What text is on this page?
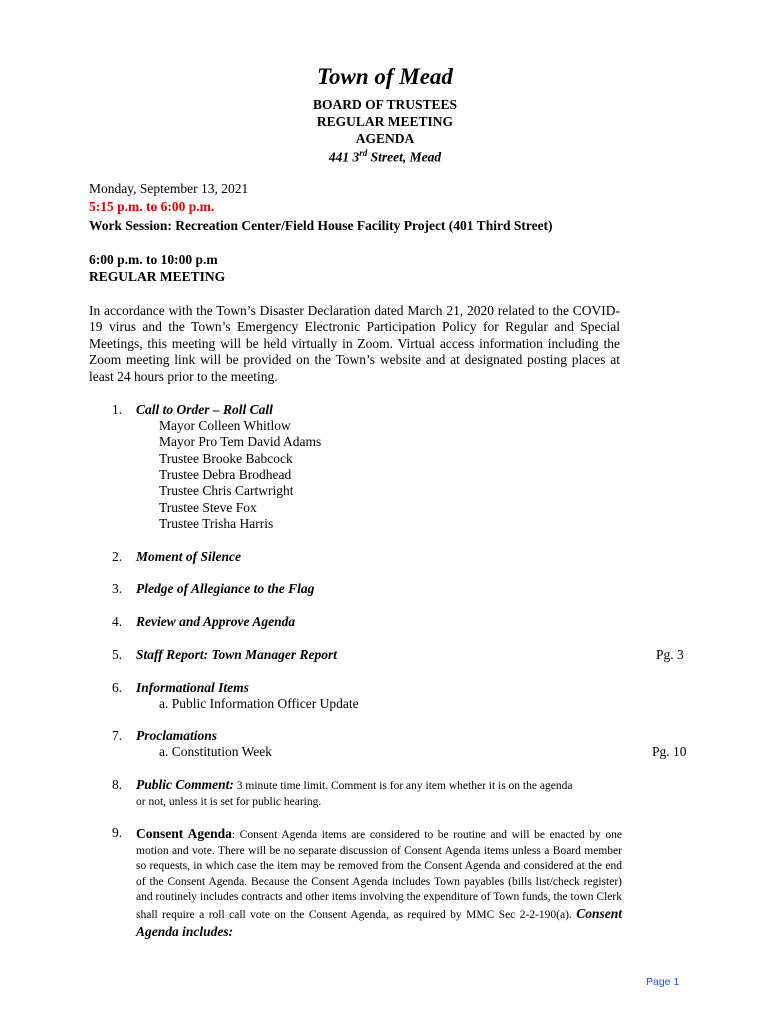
Town of Mead
BOARD OF TRUSTEES
REGULAR MEETING
AGENDA
441 3rd Street, Mead
Monday, September 13, 2021
5:15 p.m. to 6:00 p.m.
Work Session: Recreation Center/Field House Facility Project (401 Third Street)
6:00 p.m. to 10:00 p.m
REGULAR MEETING
In accordance with the Town’s Disaster Declaration dated March 21, 2020 related to the COVID-19 virus and the Town’s Emergency Electronic Participation Policy for Regular and Special Meetings, this meeting will be held virtually in Zoom. Virtual access information including the Zoom meeting link will be provided on the Town’s website and at designated posting places at least 24 hours prior to the meeting.
1. Call to Order – Roll Call
Mayor Colleen Whitlow
Mayor Pro Tem David Adams
Trustee Brooke Babcock
Trustee Debra Brodhead
Trustee Chris Cartwright
Trustee Steve Fox
Trustee Trisha Harris
2. Moment of Silence
3. Pledge of Allegiance to the Flag
4. Review and Approve Agenda
5. Staff Report: Town Manager Report	Pg. 3
6. Informational Items
a. Public Information Officer Update
7. Proclamations
a. Constitution Week	Pg. 10
8. Public Comment: 3 minute time limit. Comment is for any item whether it is on the agenda
or not, unless it is set for public hearing.
9. Consent Agenda: Consent Agenda items are considered to be routine and will be enacted by one motion and vote. There will be no separate discussion of Consent Agenda items unless a Board member so requests, in which case the item may be removed from the Consent Agenda and considered at the end of the Consent Agenda. Because the Consent Agenda includes Town payables (bills list/check register) and routinely includes contracts and other items involving the expenditure of Town funds, the town Clerk shall require a roll call vote on the Consent Agenda, as required by MMC Sec 2-2-190(a). Consent Agenda includes:
Page 1
